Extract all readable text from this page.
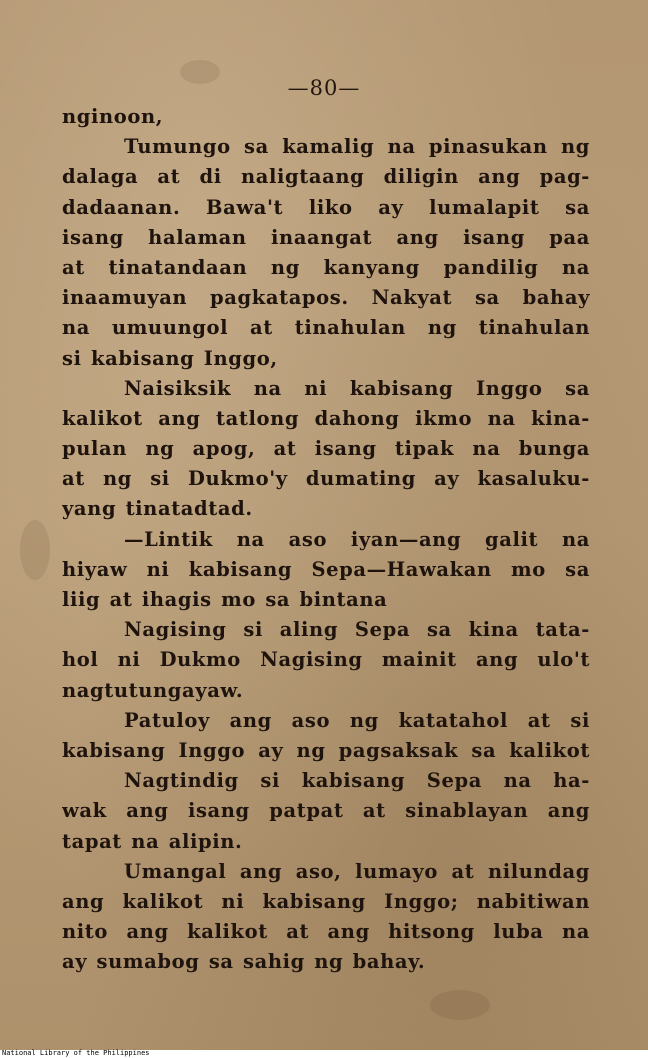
—80—
nginoon,
Tumungo sa kamalig na pinasukan ng
dalaga at di naligtaang diligin ang pag-
dadaanan. Bawa't liko ay lumalapit sa
isang halaman inaangat ang isang paa
at tinatandaan ng kanyang pandilig na
inaamuyan pagkatapos. Nakyat sa bahay
na umuungol at tinahulan ng tinahulan
si kabisang Inggo,
Naisiksik na ni kabisang Inggo sa
kalikot ang tatlong dahong ikmo na kina-
pulan ng apog, at isang tipak na bunga
at ng si Dukmo'y dumating ay kasaluku-
yang tinatadtad.
—Lintik na aso iyan—ang galit na
hiyaw ni kabisang Sepa—Hawakan mo sa
liig at ihagis mo sa bintana
Nagising si aling Sepa sa kina tata-
hol ni Dukmo Nagising mainit ang ulo't
nagtutungayaw.
Patuloy ang aso ng katatahol at si
kabisang Inggo ay ng pagsaksak sa kalikot
Nagtindig si kabisang Sepa na ha-
wak ang isang patpat at sinablayan ang
tapat na alipin.
Umangal ang aso, lumayo at nilundag
ang kalikot ni kabisang Inggo; nabitiwan
nito ang kalikot at ang hitsong luba na
ay sumabog sa sahig ng bahay.
National Library of the Philippines
